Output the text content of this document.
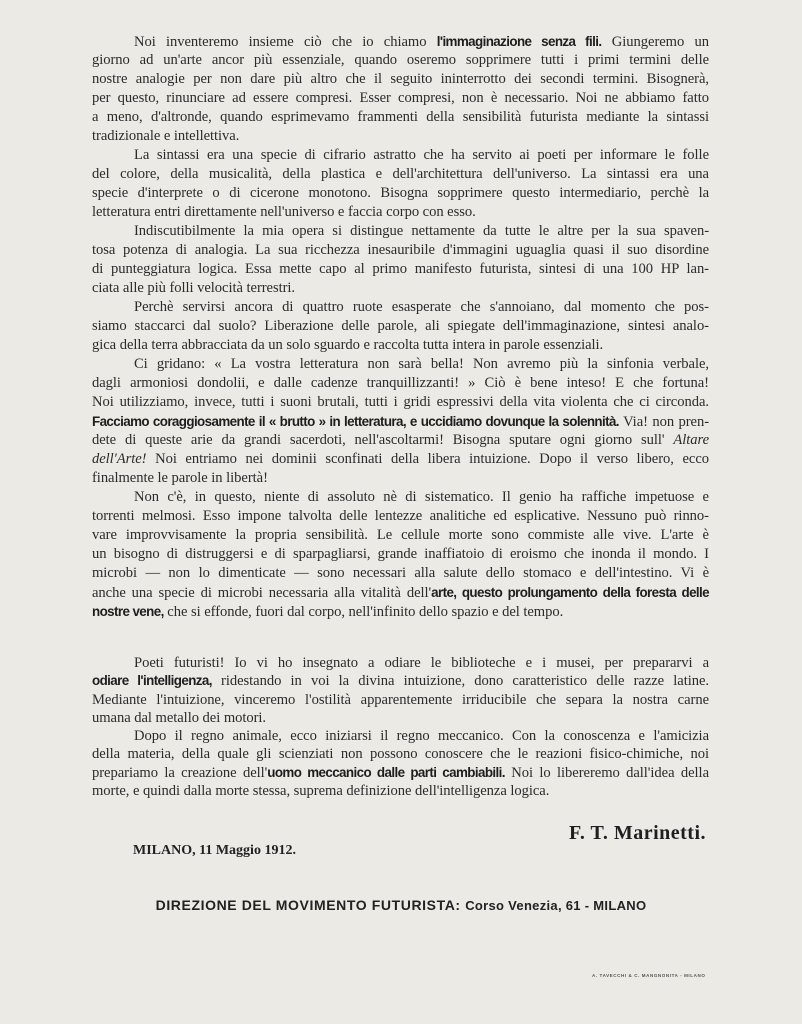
Noi inventeremo insieme ciò che io chiamo l'immaginazione senza fili. Giungeremo un
giorno ad un'arte ancor più essenziale, quando oseremo sopprimere tutti i primi termini delle
nostre analogie per non dare più altro che il seguito ininterrotto dei secondi termini. Bisognerà,
per questo, rinunciare ad essere compresi. Esser compresi, non è necessario. Noi ne abbiamo fatto
a meno, d'altronde, quando esprimevamo frammenti della sensibilità futurista mediante la sintassi
tradizionale e intellettiva.
La sintassi era una specie di cifrario astratto che ha servito ai poeti per informare le folle
del colore, della musicalità, della plastica e dell'architettura dell'universo. La sintassi era una
specie d'interprete o di cicerone monotono. Bisogna sopprimere questo intermediario, perchè la
letteratura entri direttamente nell'universo e faccia corpo con esso.
Indiscutibilmente la mia opera si distingue nettamente da tutte le altre per la sua spaven-
tosa potenza di analogia. La sua ricchezza inesauribile d'immagini uguaglia quasi il suo disordine
di punteggiatura logica. Essa mette capo al primo manifesto futurista, sintesi di una 100 HP lan-
ciata alle più folli velocità terrestri.
Perchè servirsi ancora di quattro ruote esasperate che s'annoiano, dal momento che pos-
siamo staccarci dal suolo? Liberazione delle parole, ali spiegate dell'immaginazione, sintesi analo-
gica della terra abbracciata da un solo sguardo e raccolta tutta intera in parole essenziali.
Ci gridano: « La vostra letteratura non sarà bella! Non avremo più la sinfonia verbale,
dagli armoniosi dondolii, e dalle cadenze tranquillizzanti! » Ciò è bene inteso! E che fortuna!
Noi utilizziamo, invece, tutti i suoni brutali, tutti i gridi espressivi della vita violenta che ci circonda.
Facciamo coraggiosamente il « brutto » in letteratura, e uccidiamo dovunque la solennità. Via! non pren-
dete di queste arie da grandi sacerdoti, nell'ascoltarmi! Bisogna sputare ogni giorno sull' Altare
dell'Arte! Noi entriamo nei dominii sconfinati della libera intuizione. Dopo il verso libero, ecco
finalmente le parole in libertà!
Non c'è, in questo, niente di assoluto nè di sistematico. Il genio ha raffiche impetuose e
torrenti melmosi. Esso impone talvolta delle lentezze analitiche ed esplicative. Nessuno può rinno-
vare improvvisamente la propria sensibilità. Le cellule morte sono commiste alle vive. L'arte è
un bisogno di distruggersi e di sparpagliarsi, grande inaffiatoio di eroismo che inonda il mondo. I
microbi — non lo dimenticate — sono necessari alla salute dello stomaco e dell'intestino. Vi è
anche una specie di microbi necessaria alla vitalità dell'arte, questo prolungamento della foresta delle
nostre vene, che si effonde, fuori dal corpo, nell'infinito dello spazio e del tempo.
Poeti futuristi! Io vi ho insegnato a odiare le biblioteche e i musei, per prepararvi a
odiare l'intelligenza, ridestando in voi la divina intuizione, dono caratteristico delle razze latine.
Mediante l'intuizione, vinceremo l'ostilità apparentemente irriducibile che separa la nostra carne
umana dal metallo dei motori.
Dopo il regno animale, ecco iniziarsi il regno meccanico. Con la conoscenza e l'amicizia
della materia, della quale gli scienziati non possono conoscere che le reazioni fisico-chimiche, noi
prepariamo la creazione dell'uomo meccanico dalle parti cambiabili. Noi lo libereremo dall'idea della
morte, e quindi dalla morte stessa, suprema definizione dell'intelligenza logica.
F. T. Marinetti.
MILANO, 11 Maggio 1912.
DIREZIONE DEL MOVIMENTO FUTURISTA: Corso Venezia, 61 - MILANO
A. TAVECCHI & C. MANGNONITA - MILANO
